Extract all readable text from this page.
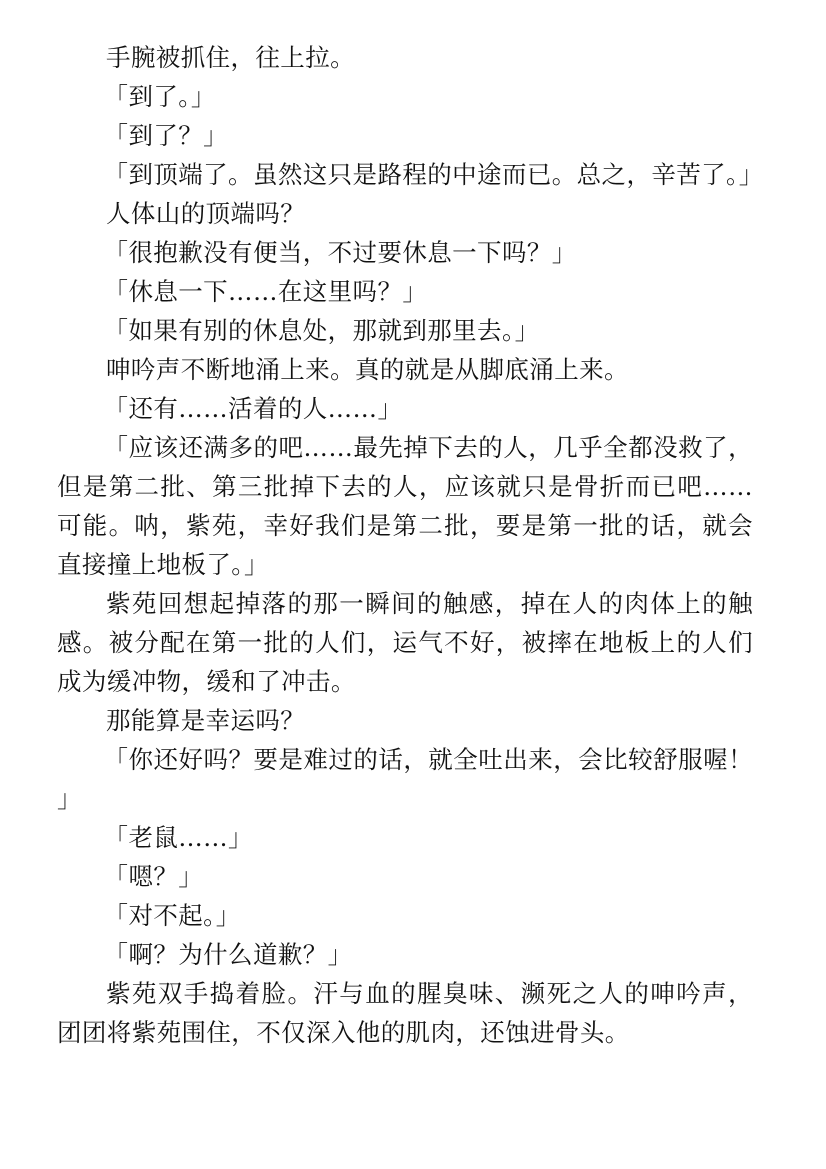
手腕被抓住，往上拉。

「到了。」

「到了？」

「到顶端了。虽然这只是路程的中途而已。总之，辛苦了。」

人体山的顶端吗？

「很抱歉没有便当，不过要休息一下吗？」

「休息一下……在这里吗？」

「如果有别的休息处，那就到那里去。」

呻吟声不断地涌上来。真的就是从脚底涌上来。

「还有……活着的人……」

「应该还满多的吧……最先掉下去的人，几乎全都没救了，但是第二批、第三批掉下去的人，应该就只是骨折而已吧……可能。呐，紫苑，幸好我们是第二批，要是第一批的话，就会直接撞上地板了。」

紫苑回想起掉落的那一瞬间的触感，掉在人的肉体上的触感。被分配在第一批的人们，运气不好，被摔在地板上的人们成为缓冲物，缓和了冲击。

那能算是幸运吗？

「你还好吗？要是难过的话，就全吐出来，会比较舒服喔！」

「老鼠……」

「嗯？」

「对不起。」

「啊？为什么道歉？」

紫苑双手捣着脸。汗与血的腥臭味、濒死之人的呻吟声，团团将紫苑围住，不仅深入他的肌肉，还蚀进骨头。
